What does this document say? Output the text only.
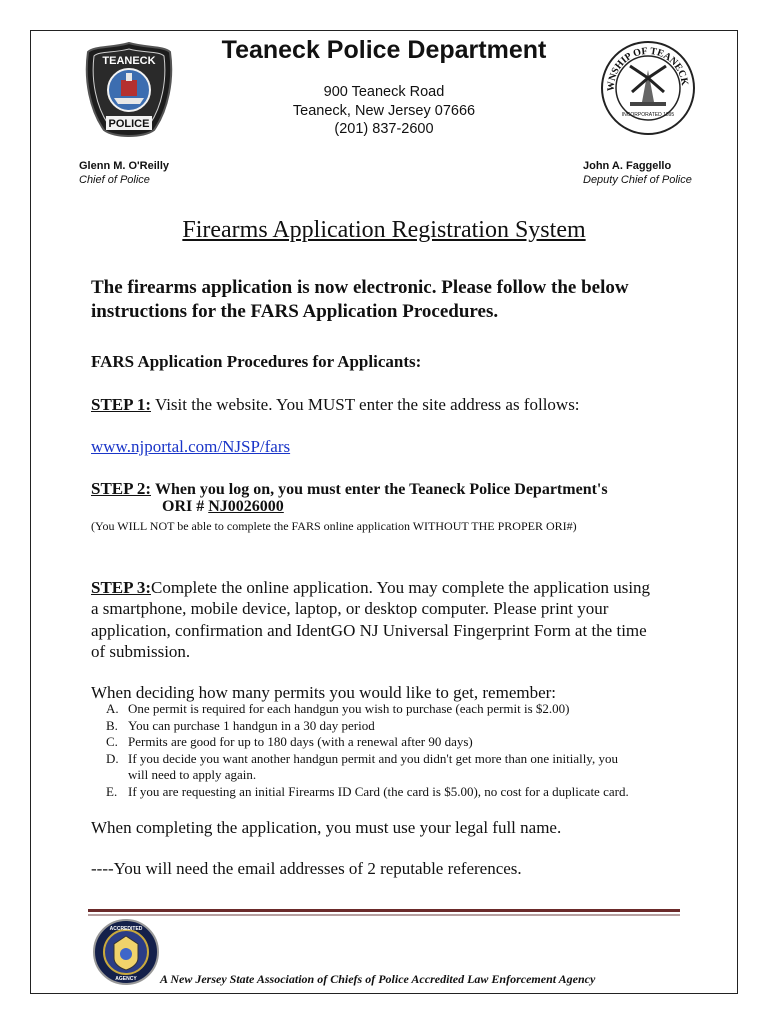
TEANECK
POLICE
WNSHIP OF TEANECK
INCORPORATED 1895
Teaneck Police Department
900 Teaneck Road
Teaneck, New Jersey 07666
(201) 837-2600
Glenn M. O'Reilly
Chief of Police
John A. Faggello
Deputy Chief of Police
Firearms Application Registration System
The firearms application is now electronic. Please follow the below
instructions for the FARS Application Procedures.
FARS Application Procedures for Applicants:
STEP 1: Visit the website. You MUST enter the site address as follows:
www.njportal.com/NJSP/fars
STEP 2: When you log on, you must enter the Teaneck Police Department's
ORI # NJ0026000
(You WILL NOT be able to complete the FARS online application WITHOUT THE PROPER ORI#)
STEP 3:Complete the online application. You may complete the application using
a smartphone, mobile device, laptop, or desktop computer. Please print your
application, confirmation and IdentGO NJ Universal Fingerprint Form at the time
of submission.
When deciding how many permits you would like to get, remember:
A. One permit is required for each handgun you wish to purchase (each permit is $2.00)
B. You can purchase 1 handgun in a 30 day period
C. Permits are good for up to 180 days (with a renewal after 90 days)
D. If you decide you want another handgun permit and you didn't get more than one initially, you
will need to apply again.
E. If you are requesting an initial Firearms ID Card (the card is $5.00), no cost for a duplicate card.
When completing the application, you must use your legal full name.
----You will need the email addresses of 2 reputable references.
ACCREDITED
AGENCY A New Jersey State Association of Chiefs of Police Accredited Law Enforcement Agency
